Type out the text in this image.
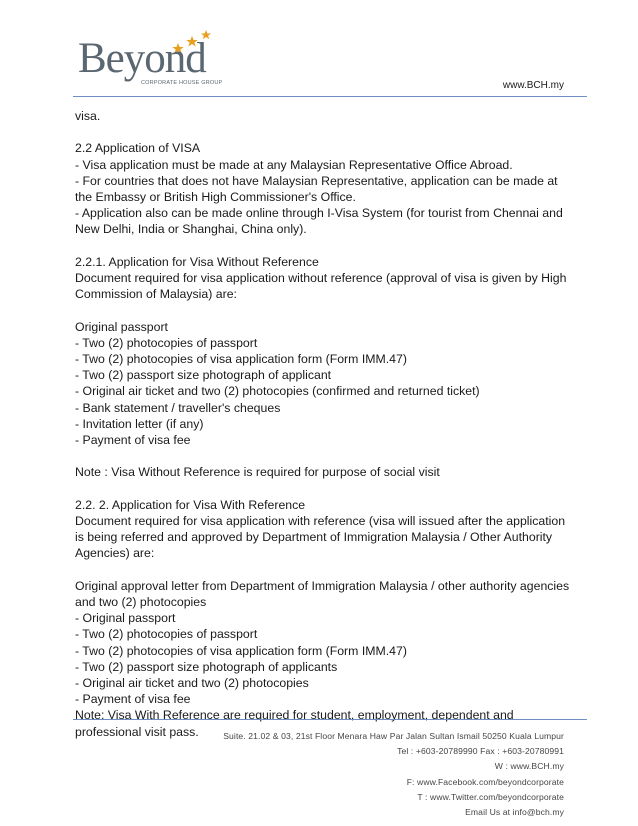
Beyond
CORPORATE HOUSE GROUP	www.BCH.my

visa.

2.2 Application of VISA
- Visa application must be made at any Malaysian Representative Office Abroad.
- For countries that does not have Malaysian Representative, application can be made at
the Embassy or British High Commissioner's Office.
- Application also can be made online through I-Visa System (for tourist from Chennai and
New Delhi, India or Shanghai, China only).

2.2.1. Application for Visa Without Reference
Document required for visa application without reference (approval of visa is given by High
Commission of Malaysia) are:

Original passport
- Two (2) photocopies of passport
- Two (2) photocopies of visa application form (Form IMM.47)
- Two (2) passport size photograph of applicant
- Original air ticket and two (2) photocopies (confirmed and returned ticket)
- Bank statement / traveller's cheques
- Invitation letter (if any)
- Payment of visa fee

Note : Visa Without Reference is required for purpose of social visit

2.2. 2. Application for Visa With Reference
Document required for visa application with reference (visa will issued after the application
is being referred and approved by Department of Immigration Malaysia / Other Authority
Agencies) are:

Original approval letter from Department of Immigration Malaysia / other authority agencies
and two (2) photocopies
- Original passport
- Two (2) photocopies of passport
- Two (2) photocopies of visa application form (Form IMM.47)
- Two (2) passport size photograph of applicants
- Original air ticket and two (2) photocopies
- Payment of visa fee
Note: Visa With Reference are required for student, employment, dependent and
professional visit pass.	Suite. 21.02 & 03, 21st Floor Menara Haw Par Jalan Sultan Ismail 50250 Kuala Lumpur
Tel : +603-20789990 Fax : +603-20780991
W : www.BCH.my
F: www.Facebook.com/beyondcorporate
T : www.Twitter.com/beyondcorporate
Email Us at info@bch.my
